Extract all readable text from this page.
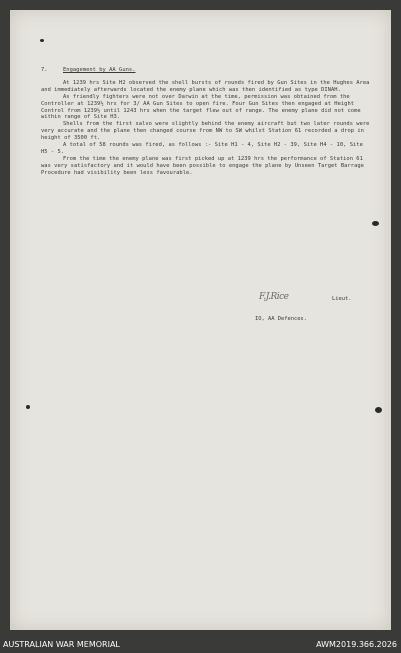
7.	Engagement by AA Guns.

At 1239 hrs Site H2 observed the shell bursts of rounds fired by Gun Sites in the Hughes Area and immediately afterwards located the enemy plane which was then identified as type DINAH.

As friendly fighters were not over Darwin at the time, permission was obtained from the Controller at 1239½ hrs for 3/ AA Gun Sites to open fire. Four Gun Sites then engaged at Height Control from 1239½ until 1243 hrs when the target flew out of range. The enemy plane did not come within range of Site H3.

Shells from the first salvo were slightly behind the enemy aircraft but two later rounds were very accurate and the plane then changed course from NW to SW whilst Station 61 recorded a drop in height of 3500 ft.

A total of 58 rounds was fired, as follows :- Site H1 - 4, Site H2 - 39, Site H4 - 10, Site H5 - 5.

From the time the enemy plane was first picked up at 1239 hrs the performance of Station 61 was very satisfactory and it would have been possible to engage the plane by Unseen Target Barrage Procedure had visibility been less favourable.

F.J.Rice	Lieut.
IO, AA Defences.
AUSTRALIAN WAR MEMORIAL	AWM2019.366.2026
